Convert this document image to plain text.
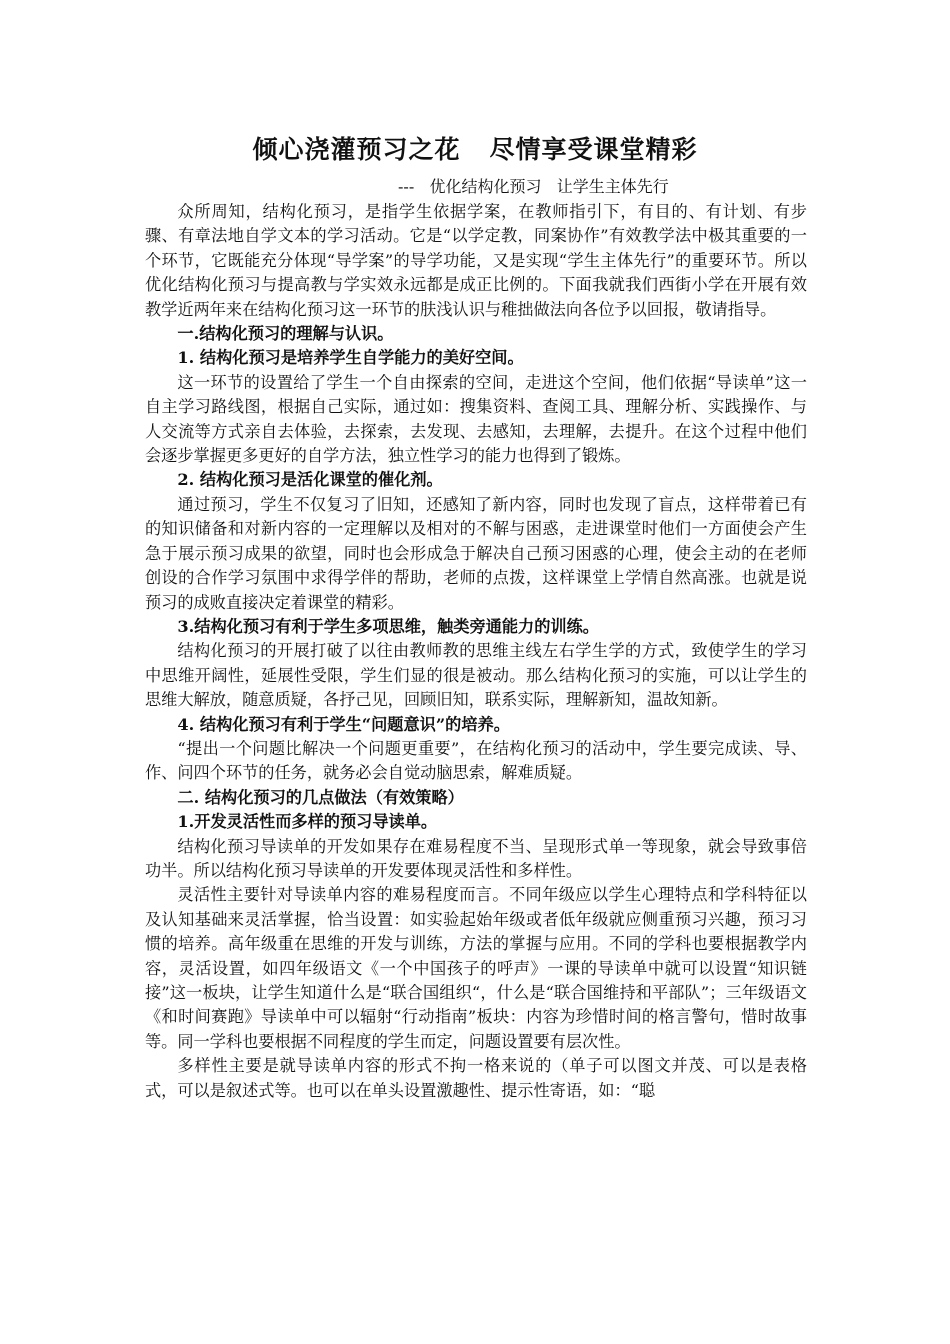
倾心浇灌预习之花   尽情享受课堂精彩
---   优化结构化预习   让学生主体先行

众所周知，结构化预习，是指学生依据学案，在教师指引下，有目的、有计划、有步骤、有章法地自学文本的学习活动。它是“以学定教，同案协作”有效教学法中极其重要的一个环节，它既能充分体现“导学案”的导学功能，又是实现“学生主体先行”的重要环节。所以优化结构化预习与提高教与学实效永远都是成正比例的。下面我就我们西街小学在开展有效教学近两年来在结构化预习这一环节的肤浅认识与稚拙做法向各位予以回报，敬请指导。

一.结构化预习的理解与认识。

1. 结构化预习是培养学生自学能力的美好空间。

这一环节的设置给了学生一个自由探索的空间，走进这个空间，他们依据“导读单”这一自主学习路线图，根据自己实际，通过如：搜集资料、查阅工具、理解分析、实践操作、与人交流等方式亲自去体验，去探索，去发现、去感知，去理解，去提升。在这个过程中他们会逐步掌握更多更好的自学方法，独立性学习的能力也得到了锻炼。

2. 结构化预习是活化课堂的催化剂。

通过预习，学生不仅复习了旧知，还感知了新内容，同时也发现了盲点，这样带着已有的知识储备和对新内容的一定理解以及相对的不解与困惑，走进课堂时他们一方面使会产生急于展示预习成果的欲望，同时也会形成急于解决自己预习困惑的心理，使会主动的在老师创设的合作学习氛围中求得学伴的帮助，老师的点拨，这样课堂上学情自然高涨。也就是说预习的成败直接决定着课堂的精彩。

3.结构化预习有利于学生多项思维，触类旁通能力的训练。

结构化预习的开展打破了以往由教师教的思维主线左右学生学的方式，致使学生的学习中思维开阔性，延展性受限，学生们显的很是被动。那么结构化预习的实施，可以让学生的思维大解放，随意质疑，各抒己见，回顾旧知，联系实际，理解新知，温故知新。

4. 结构化预习有利于学生“问题意识”的培养。

“提出一个问题比解决一个问题更重要”，在结构化预习的活动中，学生要完成读、导、作、问四个环节的任务，就务必会自觉动脑思索，解难质疑。

二. 结构化预习的几点做法（有效策略）

1.开发灵活性而多样的预习导读单。

结构化预习导读单的开发如果存在难易程度不当、呈现形式单一等现象，就会导致事倍功半。所以结构化预习导读单的开发要体现灵活性和多样性。

灵活性主要针对导读单内容的难易程度而言。不同年级应以学生心理特点和学科特征以及认知基础来灵活掌握，恰当设置：如实验起始年级或者低年级就应侧重预习兴趣，预习习惯的培养。高年级重在思维的开发与训练，方法的掌握与应用。不同的学科也要根据教学内容，灵活设置，如四年级语文《一个中国孩子的呼声》一课的导读单中就可以设置“知识链接”这一板块，让学生知道什么是“联合国组织“，什么是“联合国维持和平部队”；三年级语文《和时间赛跑》导读单中可以辐射“行动指南”板块：内容为珍惜时间的格言警句，惜时故事等。同一学科也要根据不同程度的学生而定，问题设置要有层次性。

多样性主要是就导读单内容的形式不拘一格来说的（单子可以图文并茂、可以是表格式，可以是叙述式等。也可以在单头设置激趣性、提示性寄语，如：“聪
